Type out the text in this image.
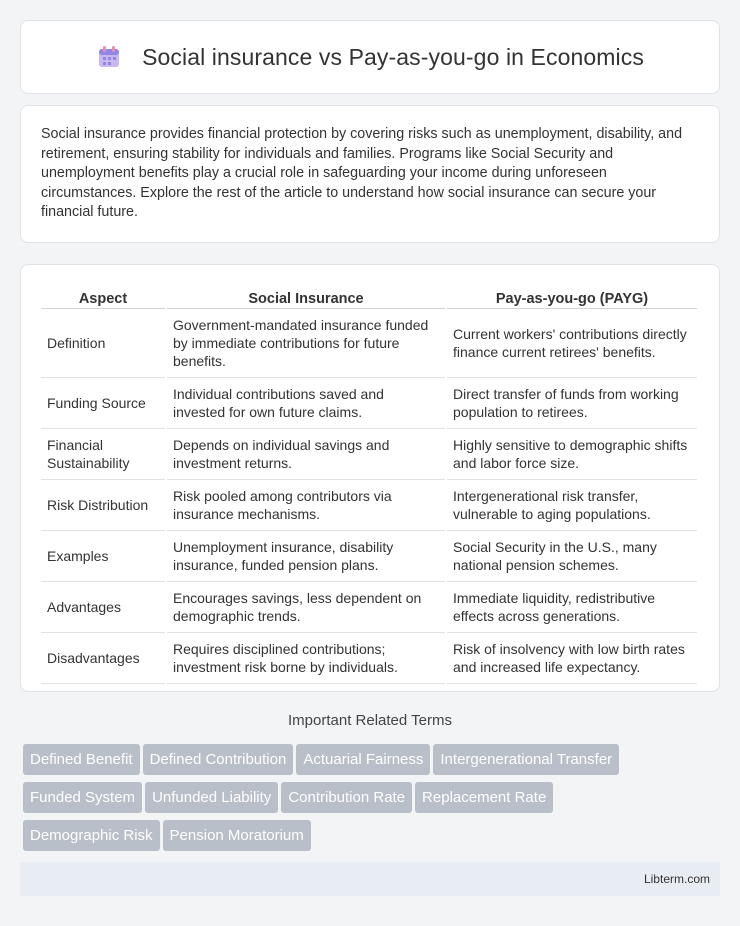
Social insurance vs Pay-as-you-go in Economics

Social insurance provides financial protection by covering risks such as unemployment, disability, and retirement, ensuring stability for individuals and families. Programs like Social Security and unemployment benefits play a crucial role in safeguarding your income during unforeseen circumstances. Explore the rest of the article to understand how social insurance can secure your financial future.

Aspect	Social Insurance	Pay-as-you-go (PAYG)
Definition	Government-mandated insurance funded by immediate contributions for future benefits.	Current workers' contributions directly finance current retirees' benefits.
Funding Source	Individual contributions saved and invested for own future claims.	Direct transfer of funds from working population to retirees.
Financial Sustainability	Depends on individual savings and investment returns.	Highly sensitive to demographic shifts and labor force size.
Risk Distribution	Risk pooled among contributors via insurance mechanisms.	Intergenerational risk transfer, vulnerable to aging populations.
Examples	Unemployment insurance, disability insurance, funded pension plans.	Social Security in the U.S., many national pension schemes.
Advantages	Encourages savings, less dependent on demographic trends.	Immediate liquidity, redistributive effects across generations.
Disadvantages	Requires disciplined contributions; investment risk borne by individuals.	Risk of insolvency with low birth rates and increased life expectancy.
Important Related Terms
Defined Benefit Defined Contribution Actuarial Fairness Intergenerational Transfer
Funded System Unfunded Liability Contribution Rate Replacement Rate
Demographic Risk Pension Moratorium
Libterm.com
